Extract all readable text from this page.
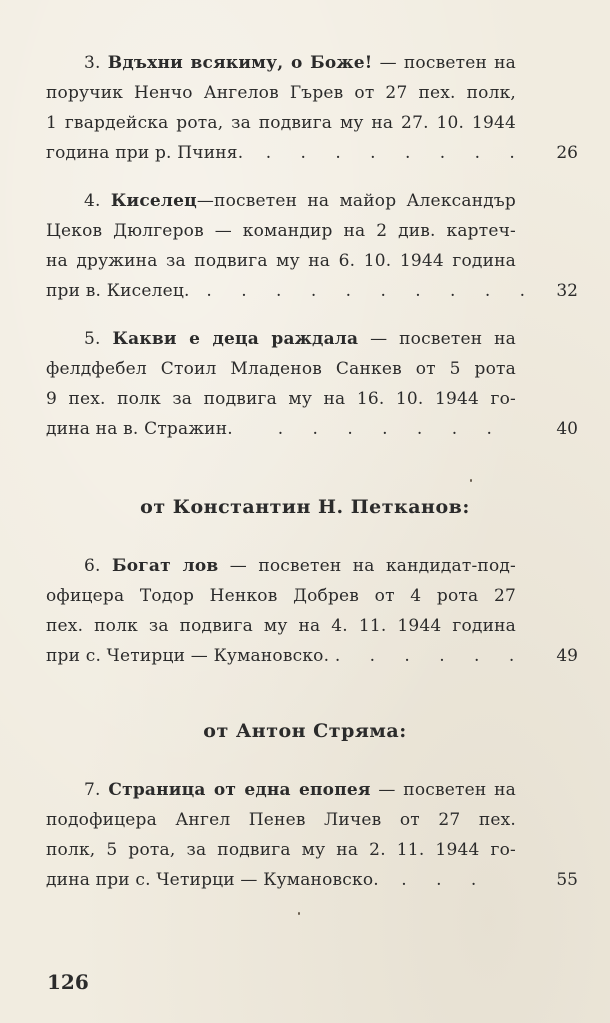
3. Вдъхни всякиму, о Боже! — посветен на
поручик Ненчо Ангелов Гърев от 27 пех. полк,
1 гвардейска рота, за подвига му на 27. 10. 1944
година при р. Пчиня. . . . . . . . .	26
4. Киселец—посветен на майор Александър
Цеков Дюлгеров — командир на 2 див. картеч-
на дружина за подвига му на 6. 10. 1944 година
при в. Киселец. . . . . . . . . . .	32
5. Какви е деца раждала — посветен на
фелдфебел Стоил Младенов Санкев от 5 рота
9 пех. полк за подвига му на 16. 10. 1944 го-
дина на в. Стражин.	. . . . . . .	40
от Константин Н. Петканов:
6. Богат лов — посветен на кандидат-под-
офицера Тодор Ненков Добрев от 4 рота 27
пех. полк за подвига му на 4. 11. 1944 година
при с. Четирци — Кумановско. . . . . . .	49
от Антон Стряма:
7. Страница от една епопея — посветен на
подофицера Ангел Пенев Личев от 27 пех.
полк, 5 рота, за подвига му на 2. 11. 1944 го-
дина при с. Четирци — Кумановско. . . .	55
126
